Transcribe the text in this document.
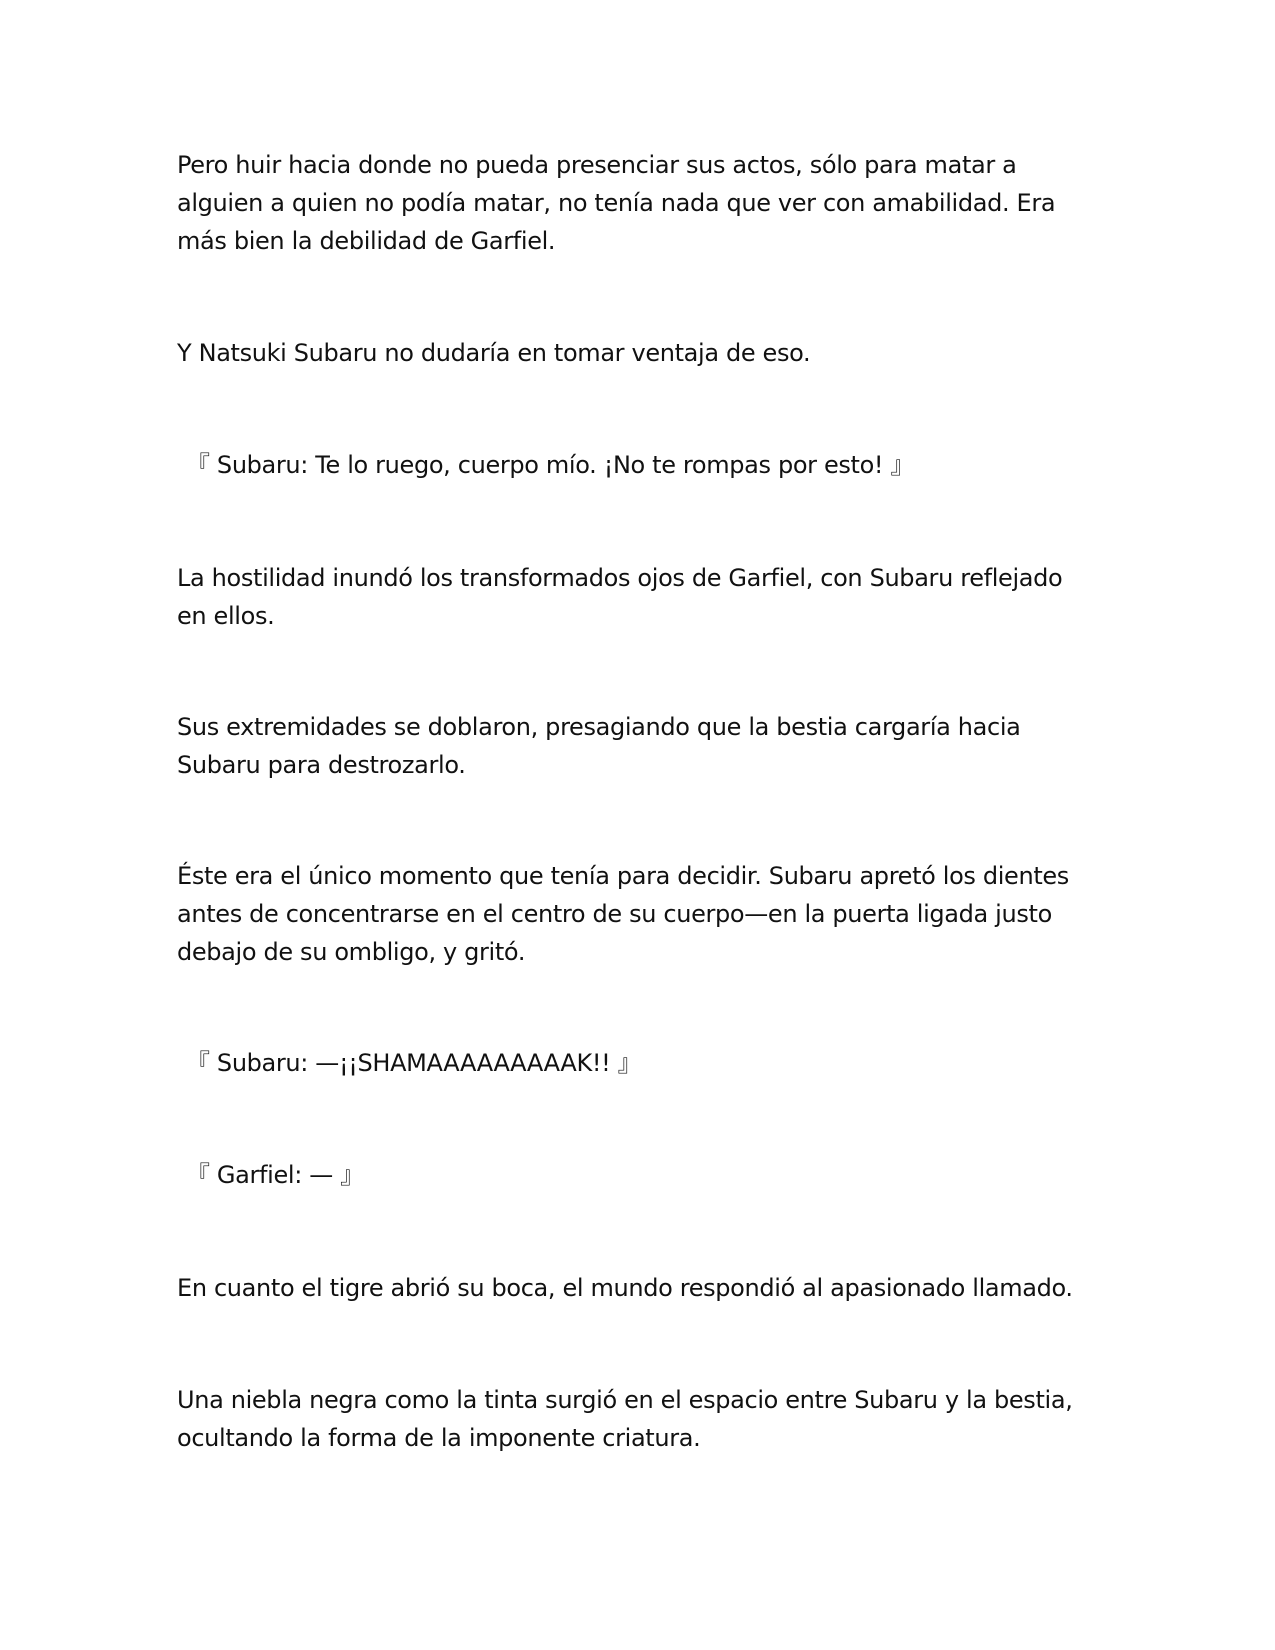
Pero huir hacia donde no pueda presenciar sus actos, sólo para matar a
alguien a quien no podía matar, no tenía nada que ver con amabilidad. Era
más bien la debilidad de Garfiel.

Y Natsuki Subaru no dudaría en tomar ventaja de eso.

『 Subaru: Te lo ruego, cuerpo mío. ¡No te rompas por esto! 』

La hostilidad inundó los transformados ojos de Garfiel, con Subaru reflejado
en ellos.

Sus extremidades se doblaron, presagiando que la bestia cargaría hacia
Subaru para destrozarlo.

Éste era el único momento que tenía para decidir. Subaru apretó los dientes
antes de concentrarse en el centro de su cuerpo—en la puerta ligada justo
debajo de su ombligo, y gritó.

『 Subaru: —¡¡SHAMAAAAAAAAAK!! 』

『 Garfiel: — 』

En cuanto el tigre abrió su boca, el mundo respondió al apasionado llamado.

Una niebla negra como la tinta surgió en el espacio entre Subaru y la bestia,
ocultando la forma de la imponente criatura.
